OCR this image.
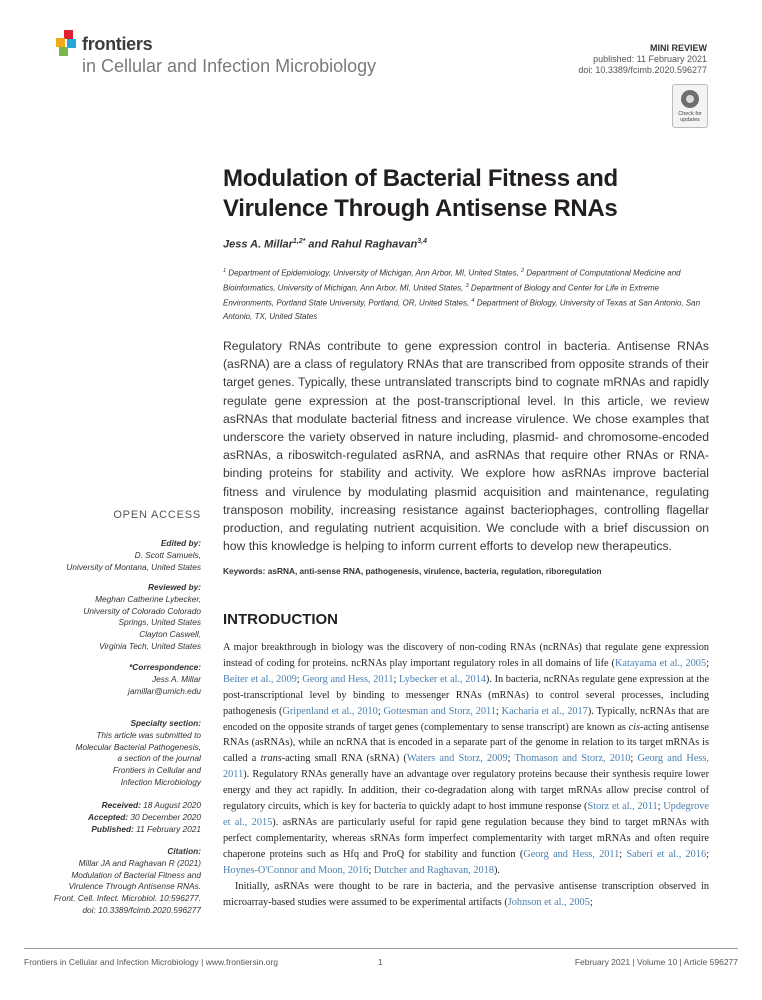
frontiers
in Cellular and Infection Microbiology
MINI REVIEW
published: 11 February 2021
doi: 10.3389/fcimb.2020.596277
Check for updates
Modulation of Bacterial Fitness and Virulence Through Antisense RNAs
Jess A. Millar$^{1,2*}$ and Rahul Raghavan$^{3,4}$
$^1$ Department of Epidemiology, University of Michigan, Ann Arbor, MI, United States, $^2$ Department of Computational Medicine and Bioinformatics, University of Michigan, Ann Arbor, MI, United States, $^3$ Department of Biology and Center for Life in Extreme Environments, Portland State University, Portland, OR, United States, $^4$ Department of Biology, University of Texas at San Antonio, San Antonio, TX, United States
Regulatory RNAs contribute to gene expression control in bacteria. Antisense RNAs (asRNA) are a class of regulatory RNAs that are transcribed from opposite strands of their target genes. Typically, these untranslated transcripts bind to cognate mRNAs and rapidly regulate gene expression at the post-transcriptional level. In this article, we review asRNAs that modulate bacterial fitness and increase virulence. We chose examples that underscore the variety observed in nature including, plasmid- and chromosome-encoded asRNAs, a riboswitch-regulated asRNA, and asRNAs that require other RNAs or RNA-binding proteins for stability and activity. We explore how asRNAs improve bacterial fitness and virulence by modulating plasmid acquisition and maintenance, regulating transposon mobility, increasing resistance against bacteriophages, controlling flagellar production, and regulating nutrient acquisition. We conclude with a brief discussion on how this knowledge is helping to inform current efforts to develop new therapeutics.
Keywords: asRNA, anti-sense RNA, pathogenesis, virulence, bacteria, regulation, riboregulation
INTRODUCTION

A major breakthrough in biology was the discovery of non-coding RNAs (ncRNAs) that regulate gene expression instead of coding for proteins. ncRNAs play important regulatory roles in all domains of life (Katayama et al., 2005; Beiter et al., 2009; Georg and Hess, 2011; Lybecker et al., 2014). In bacteria, ncRNAs regulate gene expression at the post-transcriptional level by binding to messenger RNAs (mRNAs) to control several processes, including pathogenesis (Gripenland et al., 2010; Gottesman and Storz, 2011; Kacharia et al., 2017). Typically, ncRNAs that are encoded on the opposite strands of target genes (complementary to sense transcript) are known as cis-acting antisense RNAs (asRNAs), while an ncRNA that is encoded in a separate part of the genome in relation to its target mRNAs is called a trans-acting small RNA (sRNA) (Waters and Storz, 2009; Thomason and Storz, 2010; Georg and Hess, 2011). Regulatory RNAs generally have an advantage over regulatory proteins because their synthesis require lower energy and they act rapidly. In addition, their co-degradation along with target mRNAs allow precise control of regulatory circuits, which is key for bacteria to quickly adapt to host immune response (Storz et al., 2011; Updegrove et al., 2015). asRNAs are particularly useful for rapid gene regulation because they bind to target mRNAs with perfect complementarity, whereas sRNAs form imperfect complementarity with target mRNAs and often require chaperone proteins such as Hfq and ProQ for stability and function (Georg and Hess, 2011; Saberi et al., 2016; Hoynes-O'Connor and Moon, 2016; Dutcher and Raghavan, 2018).

Initially, asRNAs were thought to be rare in bacteria, and the pervasive antisense transcription observed in microarray-based studies were assumed to be experimental artifacts (Johnson et al., 2005;

OPEN ACCESS
Edited by:
D. Scott Samuels,
University of Montana, United States
Reviewed by:
Meghan Catherine Lybecker,
University of Colorado Colorado
Springs, United States
Clayton Caswell,
Virginia Tech, United States
*Correspondence:
Jess A. Millar
jamillar@umich.edu
Specialty section:
This article was submitted to
Molecular Bacterial Pathogenesis,
a section of the journal
Frontiers in Cellular and
Infection Microbiology
Received: 18 August 2020
Accepted: 30 December 2020
Published: 11 February 2021
Citation:
Millar JA and Raghavan R (2021)
Modulation of Bacterial Fitness and
Virulence Through Antisense RNAs.
Front. Cell. Infect. Microbiol. 10:596277.
doi: 10.3389/fcimb.2020.596277
Frontiers in Cellular and Infection Microbiology | www.frontiersin.org	1	February 2021 | Volume 10 | Article 596277
